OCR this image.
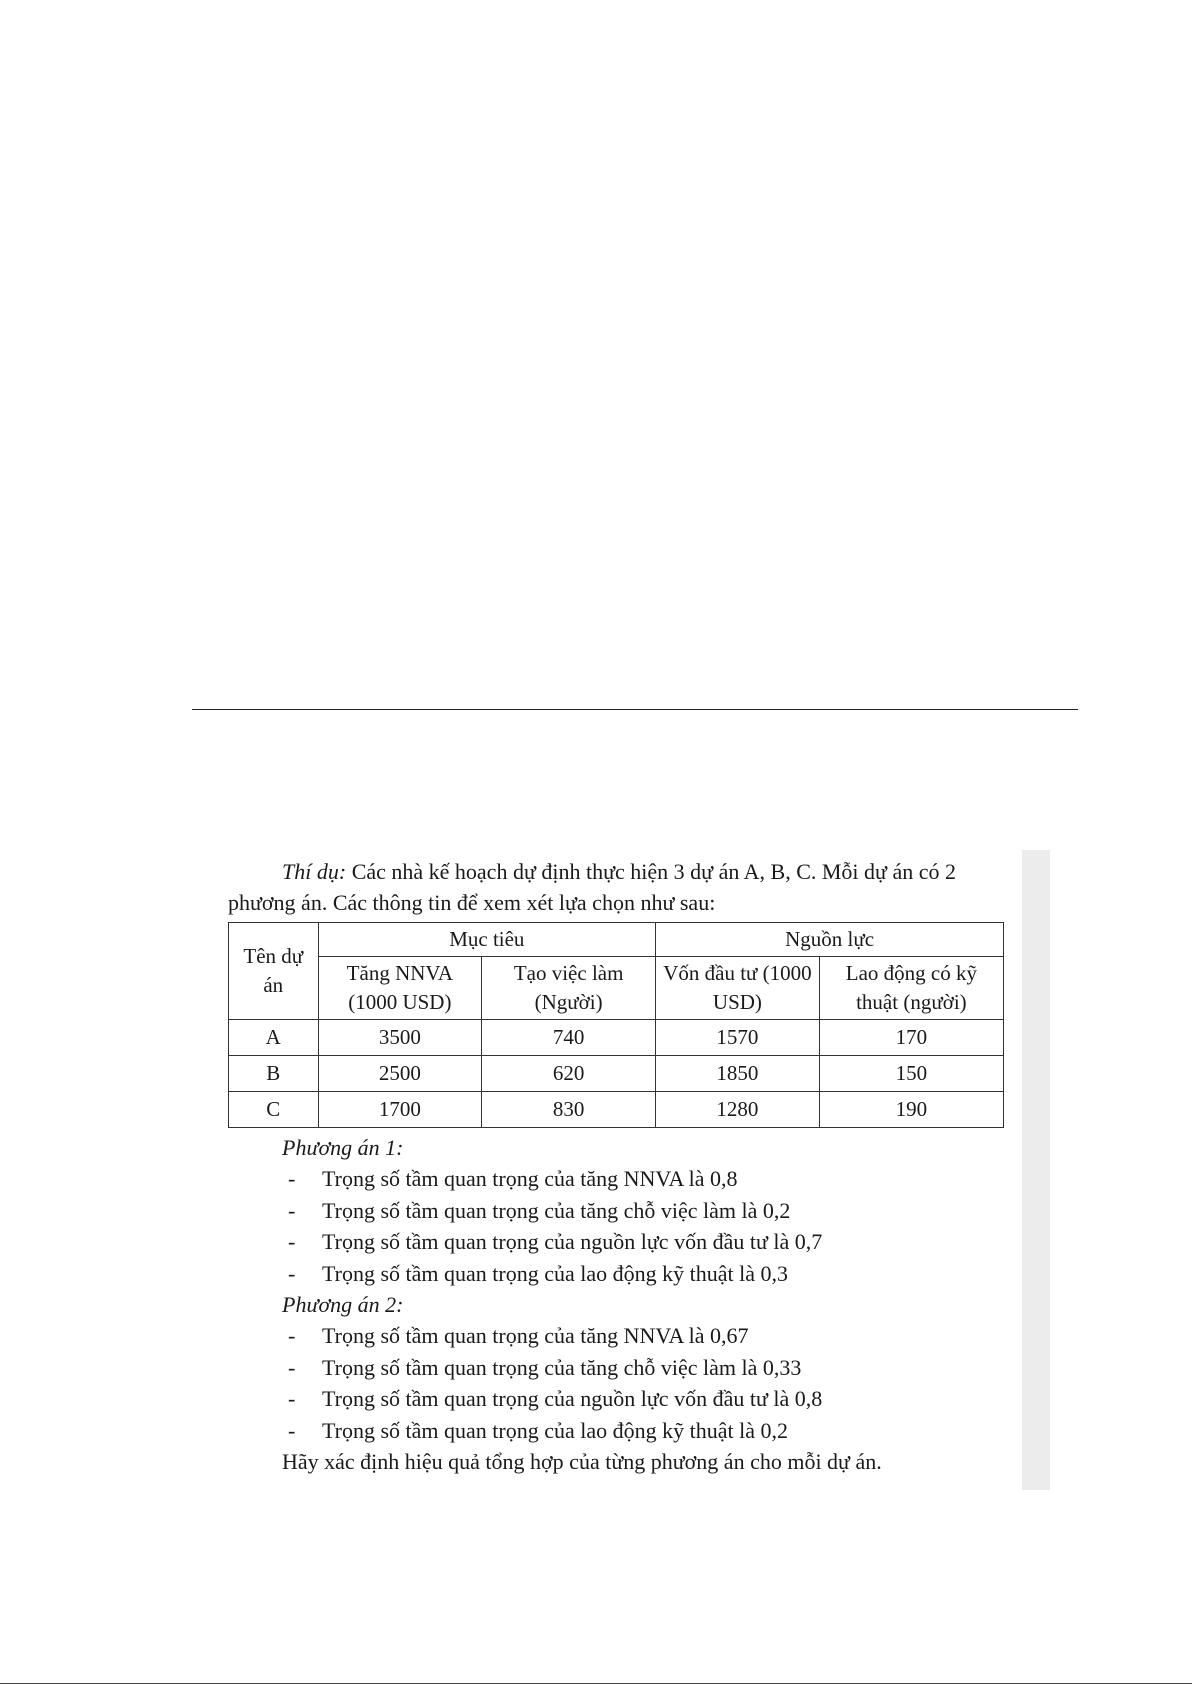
Thí dụ: Các nhà kế hoạch dự định thực hiện 3 dự án A, B, C. Mỗi dự án có 2 phương án. Các thông tin để xem xét lựa chọn như sau:

Tên dự án	Mục tiêu		Nguồn lực	
	Tăng NNVA (1000 USD)	Tạo việc làm (Người)	Vốn đầu tư (1000 USD)	Lao động có kỹ thuật (người)
A	3500	740	1570	170
B	2500	620	1850	150
C	1700	830	1280	190
Phương án 1:
- Trọng số tầm quan trọng của tăng NNVA là 0,8
- Trọng số tầm quan trọng của tăng chỗ việc làm là 0,2
- Trọng số tầm quan trọng của nguồn lực vốn đầu tư là 0,7
- Trọng số tầm quan trọng của lao động kỹ thuật là 0,3
Phương án 2:
- Trọng số tầm quan trọng của tăng NNVA là 0,67
- Trọng số tầm quan trọng của tăng chỗ việc làm là 0,33
- Trọng số tầm quan trọng của nguồn lực vốn đầu tư là 0,8
- Trọng số tầm quan trọng của lao động kỹ thuật là 0,2

Hãy xác định hiệu quả tổng hợp của từng phương án cho mỗi dự án.
